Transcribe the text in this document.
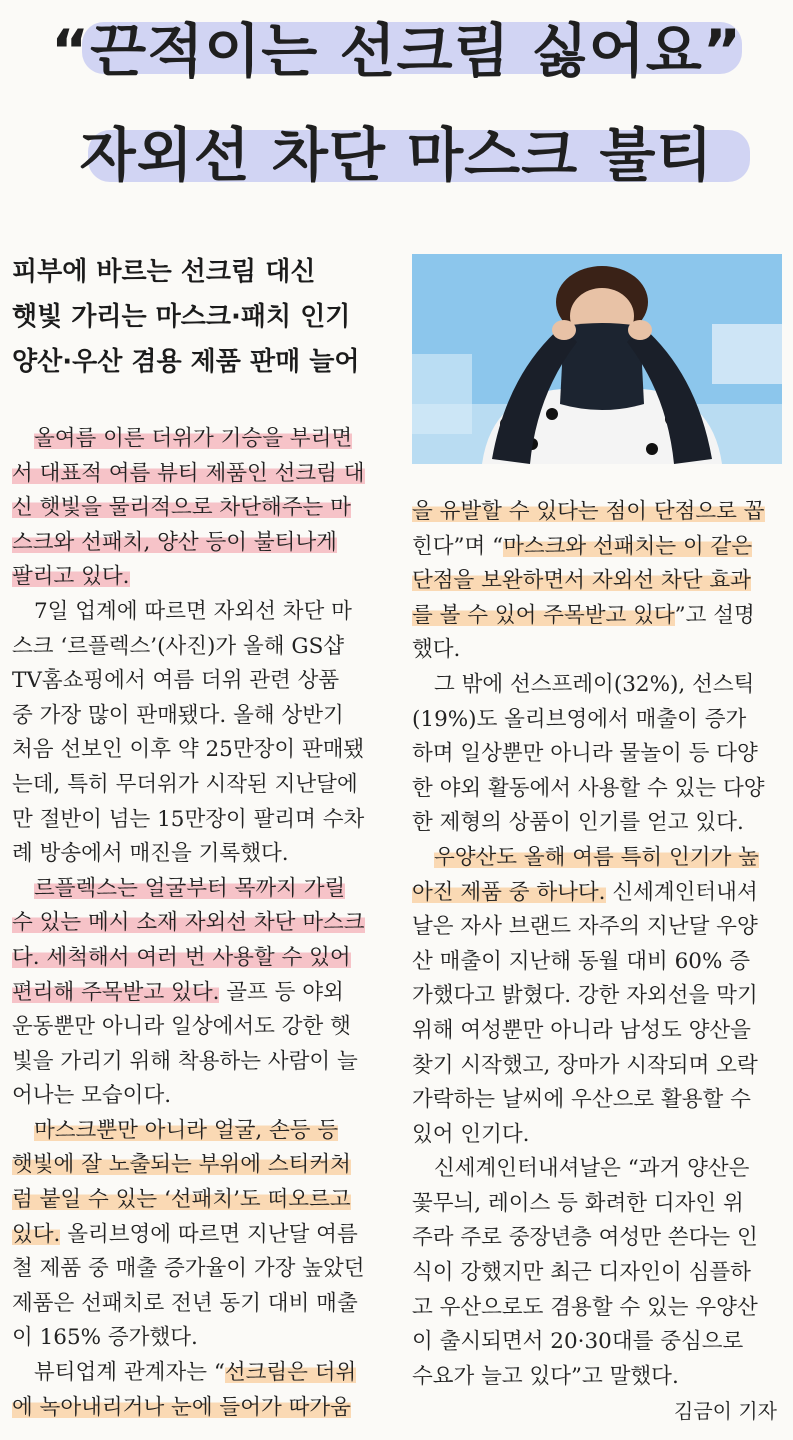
“끈적이는 선크림 싫어요”
자외선 차단 마스크 불티
피부에 바르는 선크림 대신
햇빛 가리는 마스크·패치 인기
양산·우산 겸용 제품 판매 늘어
올여름 이른 더위가 기승을 부리면
서 대표적 여름 뷰티 제품인 선크림 대
신 햇빛을 물리적으로 차단해주는 마
스크와 선패치, 양산 등이 불티나게
팔리고 있다.
7일 업계에 따르면 자외선 차단 마
스크 ‘르플렉스’(사진)가 올해 GS샵
TV홈쇼핑에서 여름 더위 관련 상품
중 가장 많이 판매됐다. 올해 상반기
처음 선보인 이후 약 25만장이 판매됐
는데, 특히 무더위가 시작된 지난달에
만 절반이 넘는 15만장이 팔리며 수차
례 방송에서 매진을 기록했다.
르플렉스는 얼굴부터 목까지 가릴
수 있는 메시 소재 자외선 차단 마스크
다. 세척해서 여러 번 사용할 수 있어
편리해 주목받고 있다. 골프 등 야외
운동뿐만 아니라 일상에서도 강한 햇
빛을 가리기 위해 착용하는 사람이 늘
어나는 모습이다.
마스크뿐만 아니라 얼굴, 손등 등
햇빛에 잘 노출되는 부위에 스티커처
럼 붙일 수 있는 ‘선패치’도 떠오르고
있다. 올리브영에 따르면 지난달 여름
철 제품 중 매출 증가율이 가장 높았던
제품은 선패치로 전년 동기 대비 매출
이 165% 증가했다.
뷰티업계 관계자는 “선크림은 더위
에 녹아내리거나 눈에 들어가 따가움
을 유발할 수 있다는 점이 단점으로 꼽
힌다”며 “마스크와 선패치는 이 같은
단점을 보완하면서 자외선 차단 효과
를 볼 수 있어 주목받고 있다”고 설명
했다.
그 밖에 선스프레이(32%), 선스틱
(19%)도 올리브영에서 매출이 증가
하며 일상뿐만 아니라 물놀이 등 다양
한 야외 활동에서 사용할 수 있는 다양
한 제형의 상품이 인기를 얻고 있다.
우양산도 올해 여름 특히 인기가 높
아진 제품 중 하나다. 신세계인터내셔
날은 자사 브랜드 자주의 지난달 우양
산 매출이 지난해 동월 대비 60% 증
가했다고 밝혔다. 강한 자외선을 막기
위해 여성뿐만 아니라 남성도 양산을
찾기 시작했고, 장마가 시작되며 오락
가락하는 날씨에 우산으로 활용할 수
있어 인기다.
신세계인터내셔날은 “과거 양산은
꽃무늬, 레이스 등 화려한 디자인 위
주라 주로 중장년층 여성만 쓴다는 인
식이 강했지만 최근 디자인이 심플하
고 우산으로도 겸용할 수 있는 우양산
이 출시되면서 20·30대를 중심으로
수요가 늘고 있다”고 말했다.
김금이 기자
